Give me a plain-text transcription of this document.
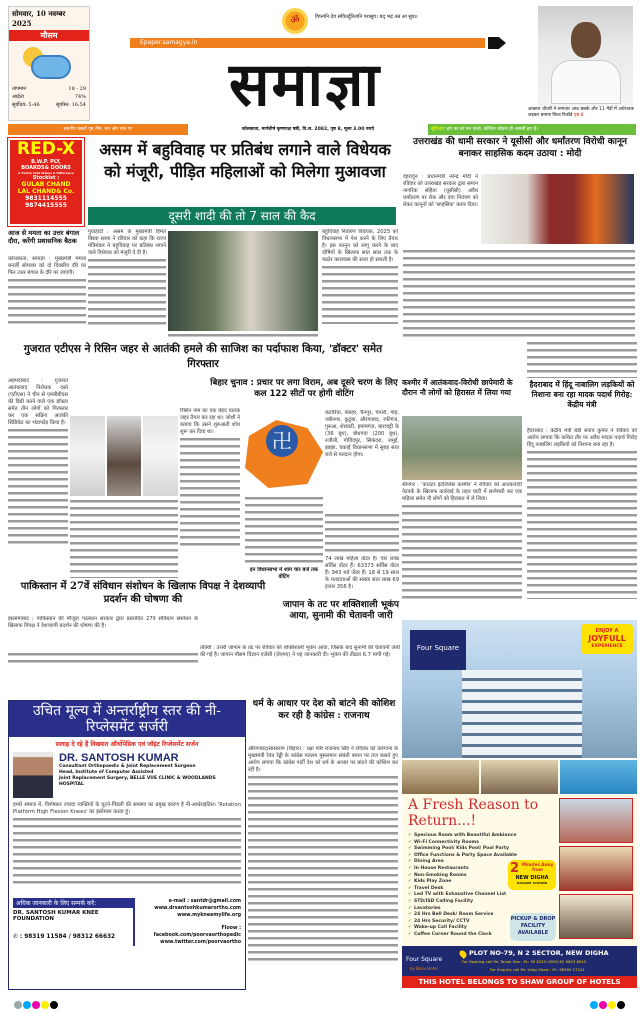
सोमवार, 10 नवम्बर 2025
मौसम
तापमान	18 - 29
आर्द्रता	74%
सूर्योदय: 5:46	सूर्यास्त: 16:54
ॐ	विघ्नानि देव सवितर्दुरितानि परासुव। यद् भद्रं तन्न आ सुव॥
Epaper.samagya.in
समाज्ञा	आकाश चौधरी ने लगातार आठ छक्के और 11 गेंदों में अर्धशतक जड़कर बनाया विश्व रिकॉर्ड पृष्ठ 8
स्थानीय खबरों पृष्ठ तीन, चार और पांच पर	कोलकाता, मार्गशीर्ष कृष्णपक्ष षष्ठी, वि.स. 2082, पृष्ठ 8, मूल्य 3.00 रुपये	सुविचार: हार का डर मत पालो, कोशिश छोड़ना ही असली हार है।
RED-X
B.W.P. PLY,
BOARDS& DOORS
X Factor that Makes A Difference
Stockist :
GULAB CHAND
LAL CHAND& Co.
9831114555
9874415555
असम में बहुविवाह पर प्रतिबंध लगाने वाले विधेयक को मंजूरी, पीड़ित महिलाओं को मिलेगा मुआवजा
दूसरी शादी की तो 7 साल की कैद
आज से ममता का उत्तर बंगाल दौरा, करेंगी प्रशासनिक बैठक
कोलकाता, समाज्ञा : मुख्यमंत्री ममता बनर्जी सोमवार को दो दिवसीय दौरे पर फिर उत्तर बंगाल के दौरे पर जाएंगी।
गुवाहाटी : असम के मुख्यमंत्री हिमंत बिस्वा सरमा ने रविवार को कहा कि राज्य मंत्रिमंडल ने बहुविवाह पर प्रतिबंध लगाने वाले विधेयक को मंजूरी दे दी है।
बहुविवाह निवारण विधेयक, 2025 को विधानसभा में पेश करने के लिए तैयार है। इस कानून को लागू करने के बाद दोषियों के खिलाफ सात साल तक के कठोर कारावास की सजा हो सकती है।
उत्तराखंड की धामी सरकार ने यूसीसी और धर्मांतरण विरोधी कानून बनाकर साहसिक कदम उठाया : मोदी
देहरादून : प्रधानमंत्री नरेन्द्र मोदी ने रविवार को उत्तराखंड सरकार द्वारा समान नागरिक संहिता (यूसीसी) अवैध धर्मांतरण पर रोक और दंगा नियंत्रण को लेकर कानूनों को 'साहसिक' करार दिया।
गुजरात एटीएस ने रिसिन जहर से आतंकी हमले की साजिश का पर्दाफाश किया, 'डॉक्टर' समेत गिरफ्तार
अहमदाबाद : गुजरात आतंकवाद निरोधक दस्ते (एटीएस) ने चीन से एमबीबीएस की डिग्री करने वाले एक डॉक्टर समेत तीन लोगों को गिरफ्तार कर एक सक्रिय आतंकी सिंडिकेट का भंडाफोड़ किया है।
बिहार चुनाव : प्रचार पर लगा विराम, अब दूसरे चरण के लिए कल 122 सीटों पर होगी वोटिंग
रिसिन नाम का एक बेहद घातक जहर तैयार कर रहा था। जोशी ने बताया कि उसने शुरुआती शोध शुरू कर दिया था।	卍
कटोरिया, बेलहर, चैनपुर, चेनारी, गोह, नबीनगर, कुटुंबा, औरंगाबाद, रफीगंज, गुरुआ, शेरघाटी, इमामगंज, बाराचट्टी के (36 बूथ), बोधगया (200 बूथ), रजौली, गोविंदपुर, सिकंदरा, जमुई, झाझा, चकाई विधानसभा में सुबह सात बजे से मतदान होगा।
इन विधानसभा में शाम चार बजे तक वोटिंग
74 लाख महिला वोटर हैं। चार लाख सर्विस वोटर हैं। 63373 सर्विस वोटर हैं। 943 थर्ड जेंडर हैं। 18 से 19 साल के मतदाताओं की संख्या सात लाख 69 हजार 356 है।
कश्मीर में आतंकवाद-विरोधी छापेमारी के दौरान नौ लोगों को हिरासत में लिया गया
श्रीनगर : 'काउंटर इंटेलिजेंस कश्मीर' ने रविवार को आतंकवादी नेटवर्क के खिलाफ कार्रवाई के तहत घाटी में छापेमारी कर एक महिला समेत नौ लोगों को हिरासत में ले लिया।
हैदराबाद में हिंदू नाबालिग लड़कियों को निशाना बना रहा मादक पदार्थ गिरोह: केंद्रीय मंत्री
हैदराबाद : केंद्रीय मंत्री बंडी संजय कुमार ने रविवार को आरोप लगाया कि कथित तौर पर अवैध मादक पदार्थ गिरोह हिंदू नाबालिग लड़कियों को निशाना बना रहा है।
पाकिस्तान में 27वें संविधान संशोधन के खिलाफ विपक्ष ने देशव्यापी प्रदर्शन की घोषणा की
इस्लामाबाद : पाकिस्तान की मौजूदा गठबंधन सरकार द्वारा प्रस्तावित 27वें संविधान संशोधन के खिलाफ विपक्ष ने देशव्यापी प्रदर्शन की घोषणा की है।
जापान के तट पर शक्तिशाली भूकंप आया, सुनामी की चेतावनी जारी
तोक्यो : उत्तरी जापान के तट पर रविवार को शक्तिशाली भूकंप आया, जिसके बाद सुनामी की चेतावनी जारी की गई है। जापान मौसम विज्ञान एजेंसी (जेएमए) ने यह जानकारी दी। भूकंप की तीव्रता 6.7 मापी गई।
उचित मूल्य में अन्तर्राष्ट्रीय स्तर की नी-रिप्लेसमेंट सर्जरी
सलाह दे रहे हैं विख्यात ऑर्थोपेडिक एवं जॉइंट रिप्लेसमेंट सर्जन
DR. SANTOSH KUMAR
Consultant Orthopaedic & Joint Replacement Surgeon
Head, Institute of Computer Assisted
Joint Replacement Surgery, BELLE VUE CLINIC & WOODLANDS HOSPITAL
हमारे समाज में, विशेषकर ज्यादा व्यक्तियों के घुटने-पिंडली की समस्या का प्रमुख कारण है नी-आर्थराइटिस। 'Rotation Platform High Flexion Knees' का इस्तेमाल करता हूं।
अधिक जानकारी के लिए सम्पर्क करें:
DR. SANTOSH KUMAR KNEE FOUNDATION
✆ : 98319 11584 / 98312 66632
e-mail : santdr@gmail.com
www.drsantoshkumarortho.com
www.mykneemylife.org
Floow : facebook.com/poorvaorthopedic
www.twitter.com/poorvaortho
धर्म के आधार पर देश को बांटने की कोशिश कर रही है कांग्रेस : राजनाथ
औरंगाबाद/सासाराम (बिहार) : रक्षा मंत्री राजनाथ सिंह ने रविवार को तेलंगाना के मुख्यमंत्री रेवंत रेड्डी के कांग्रेस मतलब मुसलमान संबंधी बयान पर तंज कसते हुए आरोप लगाया कि कांग्रेस पार्टी देश को धर्म के आधार पर बांटने की कोशिश कर रही है।
Four Square
ENJOY A
JOYFULL
EXPERIENCE
A Fresh Reason to Return...!
✔ Specious Room with Beautiful Ambiance
✔ Wi-Fi Connectivity Rooms
✔ Swimming Pool/ Kids Pool/ Pool Party
✔ Office Functions & Party Space Available
✔ Dining Area
✔ In House Restaurants
✔ Non-Smoking Rooms
✔ Kids Play Zone
✔ Travel Desk
✔ Led TV with Exhaustive Channel List
✔ STD/ISD Calling Facility
✔ Lavatories
✔ 24 Hrs Bell Desk/ Room Service
✔ 24 Hrs Security/ CCTV
✔ Wake-up Call Facility
✔ Coffee Corner Round the Clock
2 Minutes Away from
NEW DIGHA
RAILWAY STATION
PICKUP & DROP FACILITY AVAILABLE
Four Square
by Basu Hotel
PLOT NO-79, N 2 SECTOR, NEW DIGHA
For Booking call Mr. Tamal Das : M.: 90 8325 0083/ 82 9653 8545
For Enquiry call Mr. Uday Shaw : M.: 98300 17241
THIS HOTEL BELONGS TO SHAW GROUP OF HOTELS
